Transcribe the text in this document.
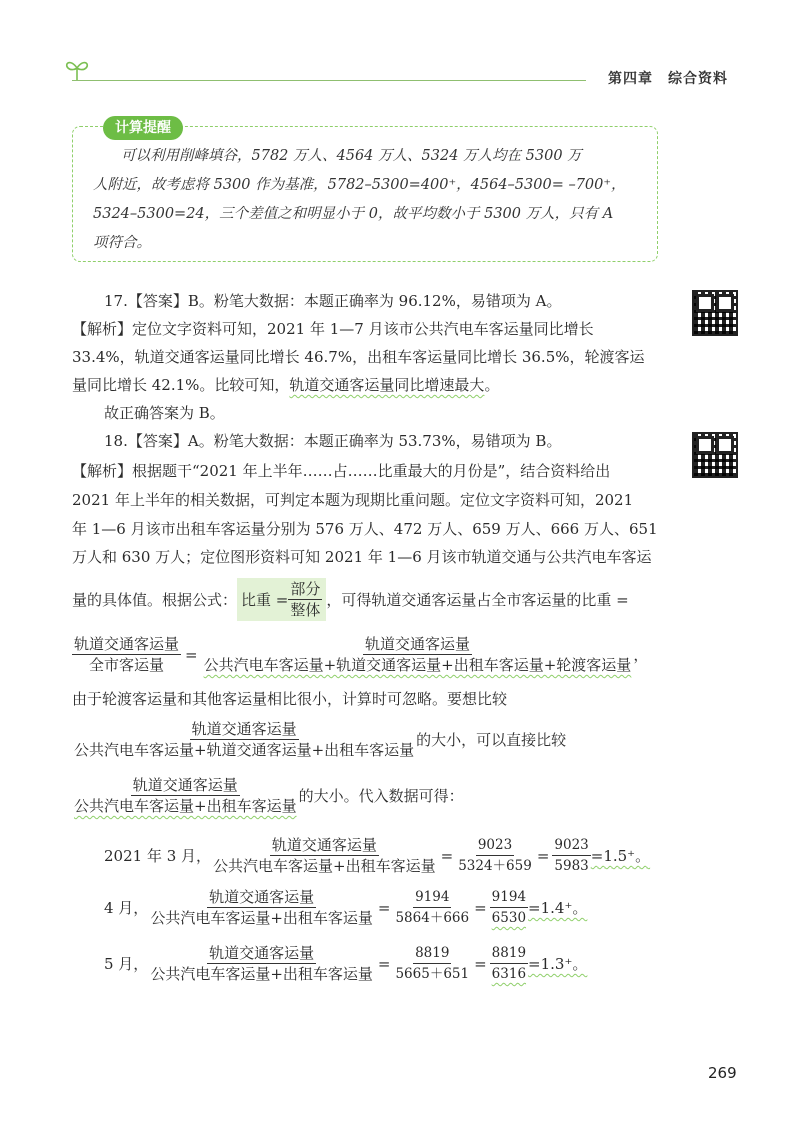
第四章　综合资料
计算提醒
可以利用削峰填谷，5782 万人、4564 万人、5324 万人均在 5300 万
人附近，故考虑将 5300 作为基准，5782–5300=400⁺，4564–5300= –700⁺，
5324–5300=24，三个差值之和明显小于 0，故平均数小于 5300 万人，只有 A
项符合。
17.【答案】B。粉笔大数据：本题正确率为 96.12%，易错项为 A。
【解析】定位文字资料可知，2021 年 1—7 月该市公共汽电车客运量同比增长
33.4%，轨道交通客运量同比增长 46.7%，出租车客运量同比增长 36.5%，轮渡客运
量同比增长 42.1%。比较可知，轨道交通客运量同比增速最大。
故正确答案为 B。
18.【答案】A。粉笔大数据：本题正确率为 53.73%，易错项为 B。
【解析】根据题干“2021 年上半年……占……比重最大的月份是”，结合资料给出
2021 年上半年的相关数据，可判定本题为现期比重问题。定位文字资料可知，2021
年 1—6 月该市出租车客运量分别为 576 万人、472 万人、659 万人、666 万人、651
万人和 630 万人；定位图形资料可知 2021 年 1—6 月该市轨道交通与公共汽电车客运
量的具体值。根据公式： 比重 = $\frac{\text{部分}}{\text{整体}}$ ，可得轨道交通客运量占全市客运量的比重 =
$\frac{\text{轨道交通客运量}}{\text{全市客运量}} = \frac{\text{轨道交通客运量}}{\text{公共汽电车客运量+轨道交通客运量+出租车客运量+轮渡客运量}}$ ，
由于轮渡客运量和其他客运量相比很小，计算时可忽略。要想比较
$\frac{\text{轨道交通客运量}}{\text{公共汽电车客运量+轨道交通客运量+出租车客运量}}$ 的大小，可以直接比较
$\frac{\text{轨道交通客运量}}{\text{公共汽电车客运量+出租车客运量}}$ 的大小。代入数据可得：
2021 年 3 月， $\frac{\text{轨道交通客运量}}{\text{公共汽电车客运量+出租车客运量}} = \frac{9023}{5324+659} = \frac{9023}{5983} =1.5^+$。
4 月， $\frac{\text{轨道交通客运量}}{\text{公共汽电车客运量+出租车客运量}} = \frac{9194}{5864+666} = \frac{9194}{6530} =1.4^+$。
5 月， $\frac{\text{轨道交通客运量}}{\text{公共汽电车客运量+出租车客运量}} = \frac{8819}{5665+651} = \frac{8819}{6316} =1.3^+$。
269
